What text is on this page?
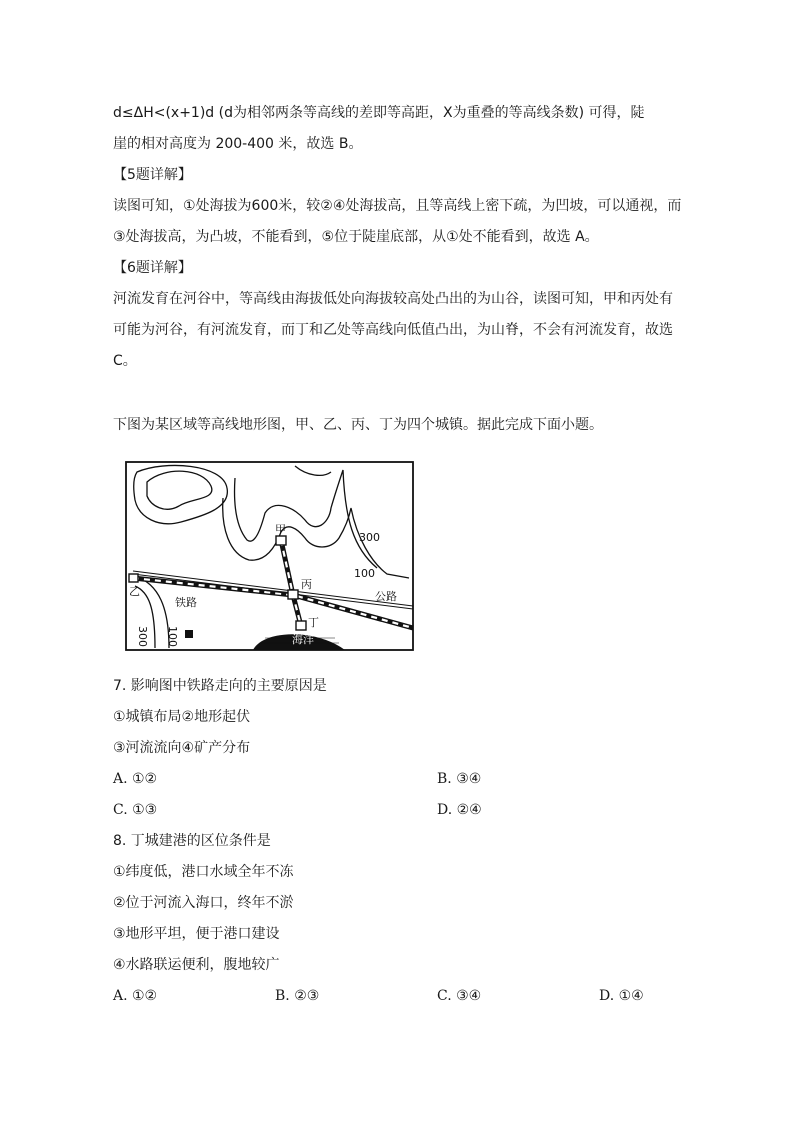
d≤ΔH<(x+1)d (d为相邻两条等高线的差即等高距，X为重叠的等高线条数) 可得，陡
崖的相对高度为 200-400 米，故选 B。
【5题详解】
读图可知，①处海拔为600米，较②④处海拔高，且等高线上密下疏，为凹坡，可以通视，而
③处海拔高，为凸坡，不能看到，⑤位于陡崖底部，从①处不能看到，故选 A。
【6题详解】
河流发育在河谷中，等高线由海拔低处向海拔较高处凸出的为山谷，读图可知，甲和丙处有
可能为河谷，有河流发育，而丁和乙处等高线向低值凸出，为山脊，不会有河流发育，故选
C。
下图为某区域等高线地形图，甲、乙、丙、丁为四个城镇。据此完成下面小题。
300
100
300 100	海洋
甲
丙
丁
乙
铁路	公路
7. 影响图中铁路走向的主要原因是
①城镇布局②地形起伏
③河流流向④矿产分布
A. ①②	B. ③④
C. ①③	D. ②④
8. 丁城建港的区位条件是
①纬度低，港口水域全年不冻
②位于河流入海口，终年不淤
③地形平坦，便于港口建设
④水路联运便利，腹地较广
A. ①②	B. ②③	C. ③④	D. ①④
